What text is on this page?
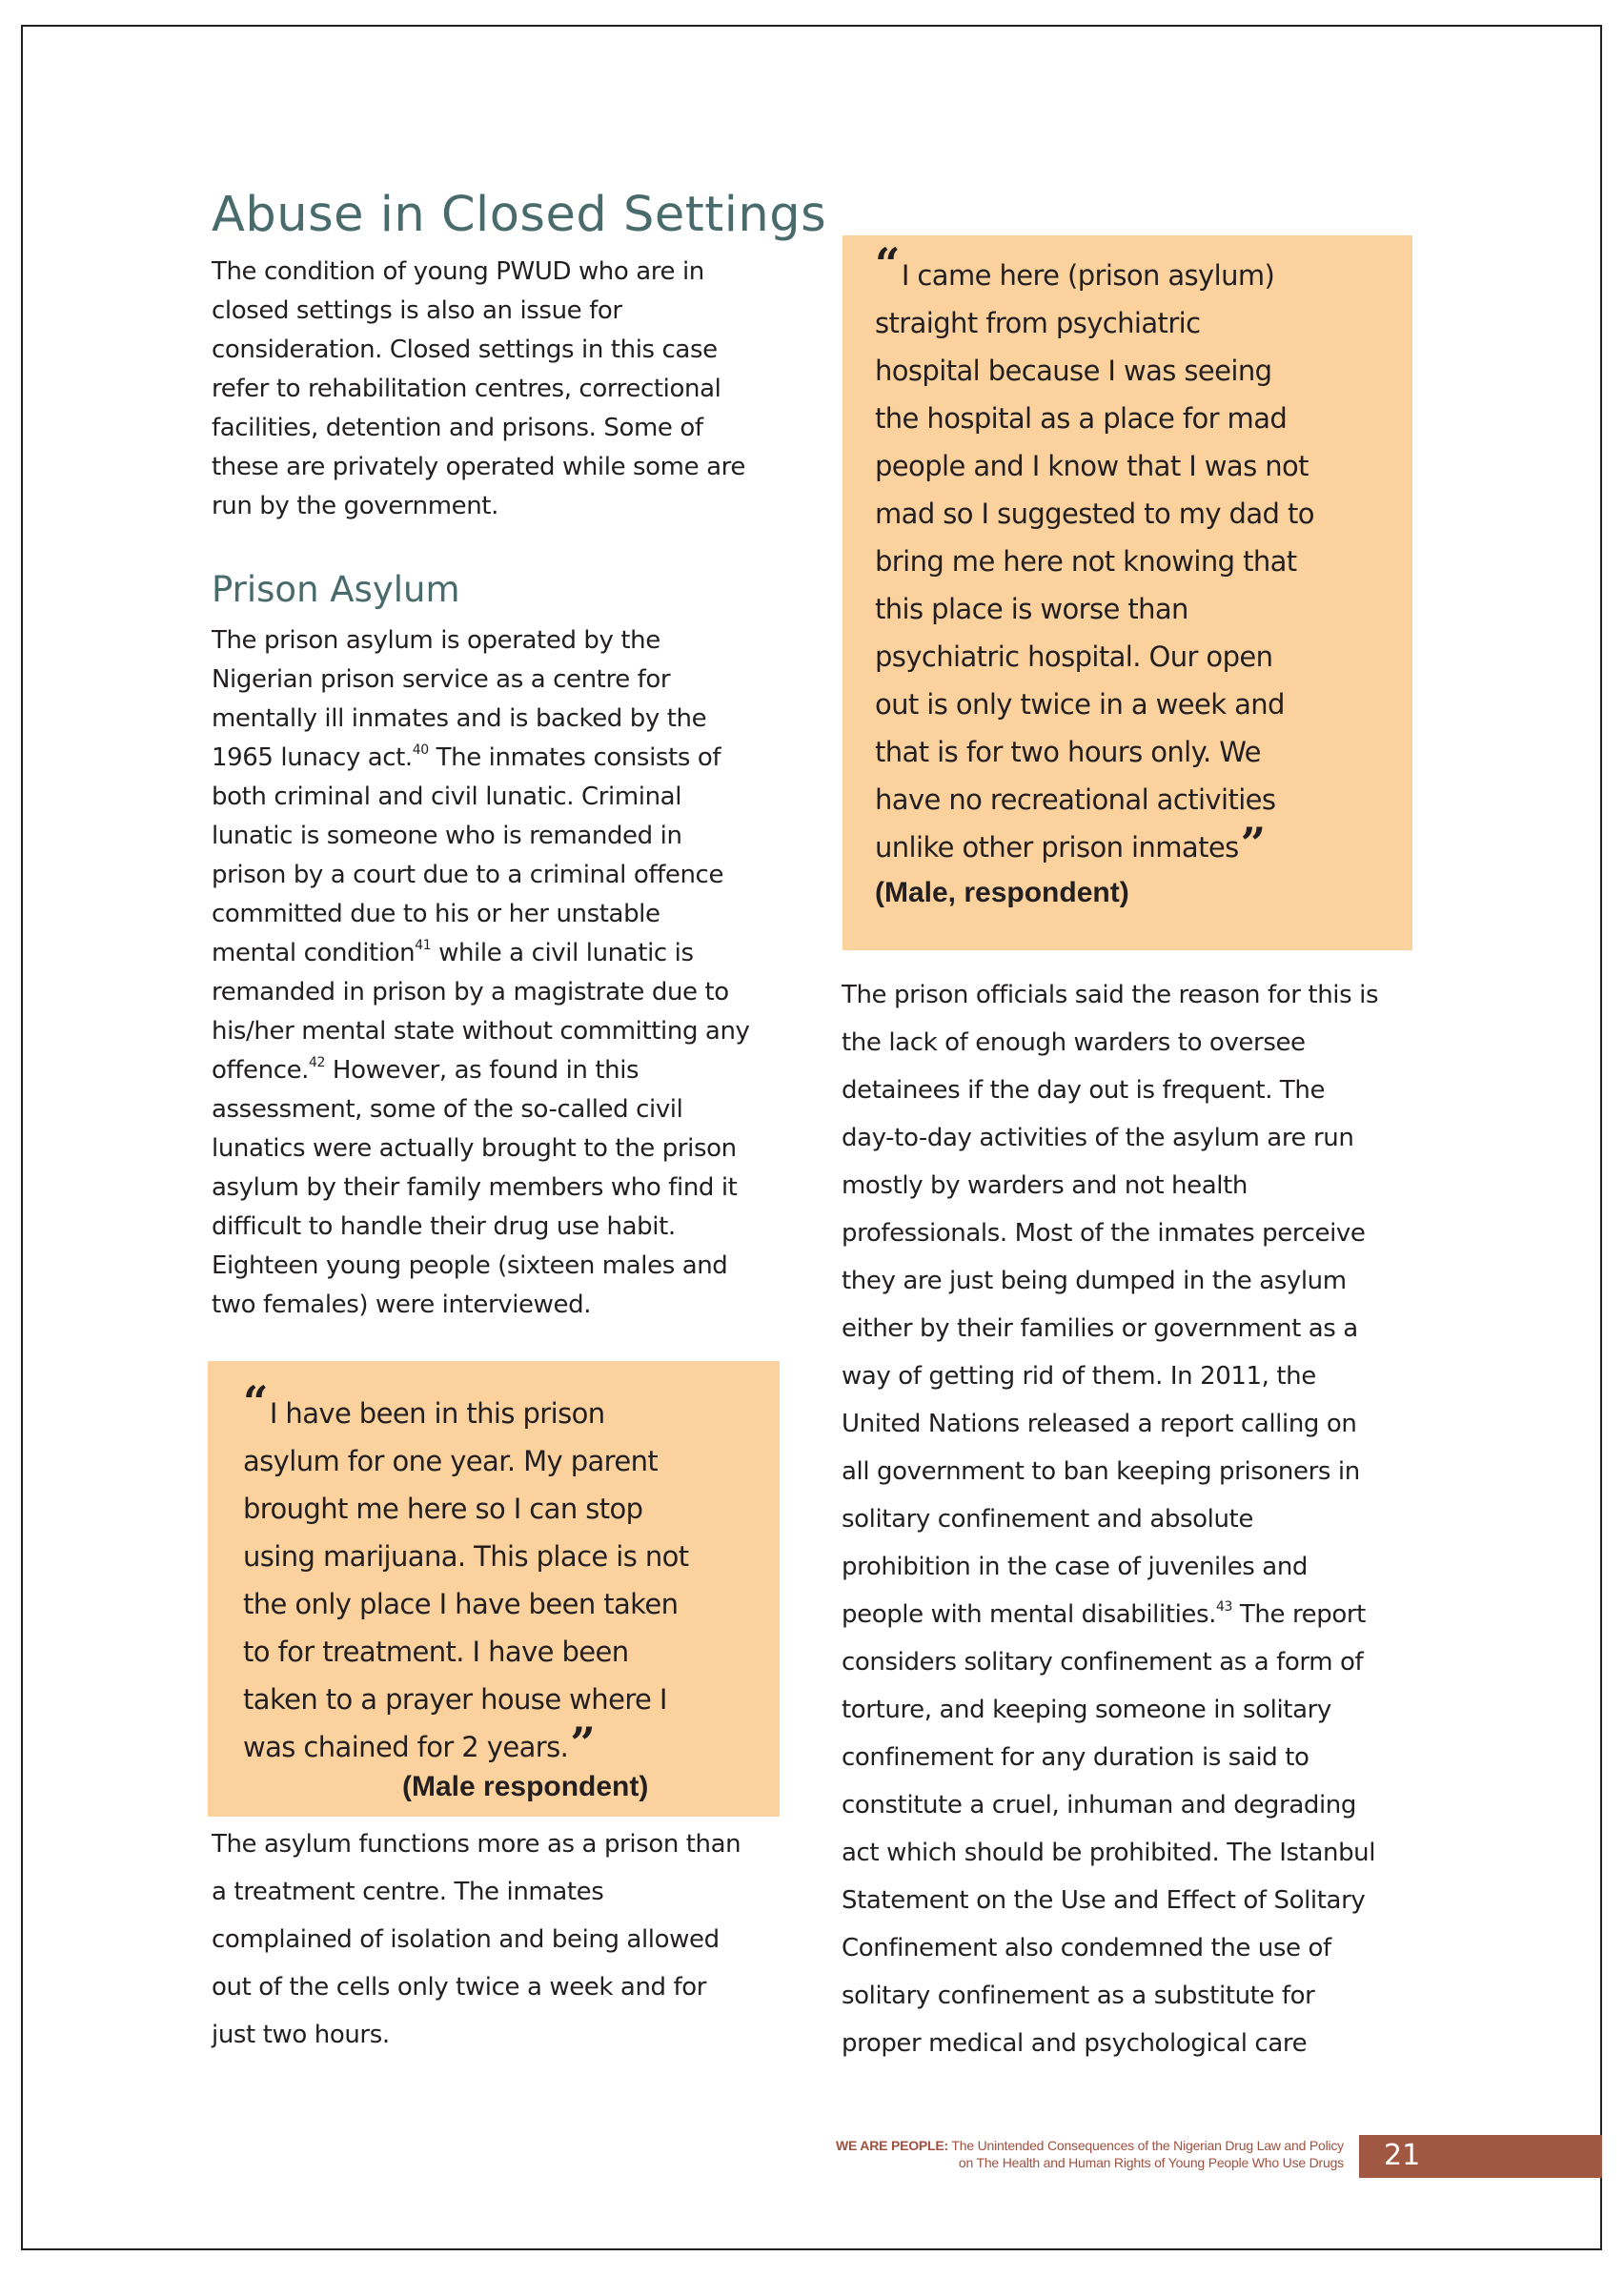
Abuse in Closed Settings
The condition of young PWUD who are in
closed settings is also an issue for
consideration. Closed settings in this case
refer to rehabilitation centres, correctional
facilities, detention and prisons. Some of
these are privately operated while some are
run by the government.
Prison Asylum
The prison asylum is operated by the
Nigerian prison service as a centre for
mentally ill inmates and is backed by the
1965 lunacy act.$^{40}$ The inmates consists of
both criminal and civil lunatic. Criminal
lunatic is someone who is remanded in
prison by a court due to a criminal offence
committed due to his or her unstable
mental condition$^{41}$ while a civil lunatic is
remanded in prison by a magistrate due to
his/her mental state without committing any
offence.$^{42}$ However, as found in this
assessment, some of the so-called civil
lunatics were actually brought to the prison
asylum by their family members who find it
difficult to handle their drug use habit.
Eighteen young people (sixteen males and
two females) were interviewed.
“I have been in this prison
asylum for one year. My parent
brought me here so I can stop
using marijuana. This place is not
the only place I have been taken
to for treatment. I have been
taken to a prayer house where I
was chained for 2 years.”
(Male respondent)
The asylum functions more as a prison than
a treatment centre. The inmates
complained of isolation and being allowed
out of the cells only twice a week and for
just two hours.
“I came here (prison asylum)
straight from psychiatric
hospital because I was seeing
the hospital as a place for mad
people and I know that I was not
mad so I suggested to my dad to
bring me here not knowing that
this place is worse than
psychiatric hospital. Our open
out is only twice in a week and
that is for two hours only. We
have no recreational activities
unlike other prison inmates”
(Male, respondent)
The prison officials said the reason for this is
the lack of enough warders to oversee
detainees if the day out is frequent. The
day-to-day activities of the asylum are run
mostly by warders and not health
professionals. Most of the inmates perceive
they are just being dumped in the asylum
either by their families or government as a
way of getting rid of them. In 2011, the
United Nations released a report calling on
all government to ban keeping prisoners in
solitary confinement and absolute
prohibition in the case of juveniles and
people with mental disabilities.$^{43}$ The report
considers solitary confinement as a form of
torture, and keeping someone in solitary
confinement for any duration is said to
constitute a cruel, inhuman and degrading
act which should be prohibited. The Istanbul
Statement on the Use and Effect of Solitary
Confinement also condemned the use of
solitary confinement as a substitute for
proper medical and psychological care
WE ARE PEOPLE: The Unintended Consequences of the Nigerian Drug Law and Policy
on The Health and Human Rights of Young People Who Use Drugs 21
